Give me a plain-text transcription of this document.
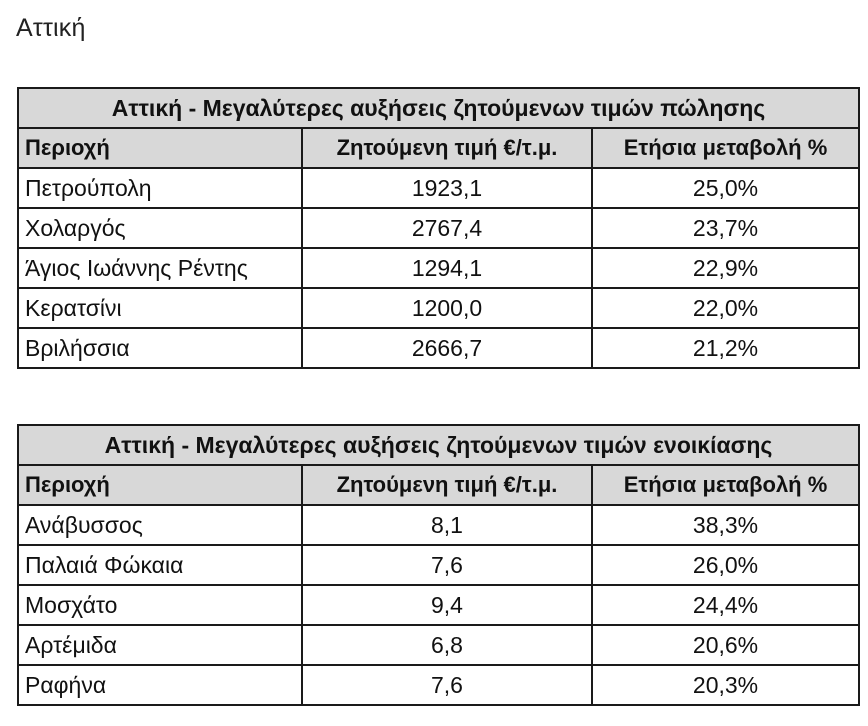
Αττική
Αττική - Μεγαλύτερες αυξήσεις ζητούμενων τιμών πώλησης		
Περιοχή	Ζητούμενη τιμή €/τ.μ.	Ετήσια μεταβολή %
Πετρούπολη	1923,1	25,0%
Χολαργός	2767,4	23,7%
Άγιος Ιωάννης Ρέντης	1294,1	22,9%
Κερατσίνι	1200,0	22,0%
Βριλήσσια	2666,7	21,2%
Αττική - Μεγαλύτερες αυξήσεις ζητούμενων τιμών ενοικίασης		
Περιοχή	Ζητούμενη τιμή €/τ.μ.	Ετήσια μεταβολή %
Ανάβυσσος	8,1	38,3%
Παλαιά Φώκαια	7,6	26,0%
Μοσχάτο	9,4	24,4%
Αρτέμιδα	6,8	20,6%
Ραφήνα	7,6	20,3%
